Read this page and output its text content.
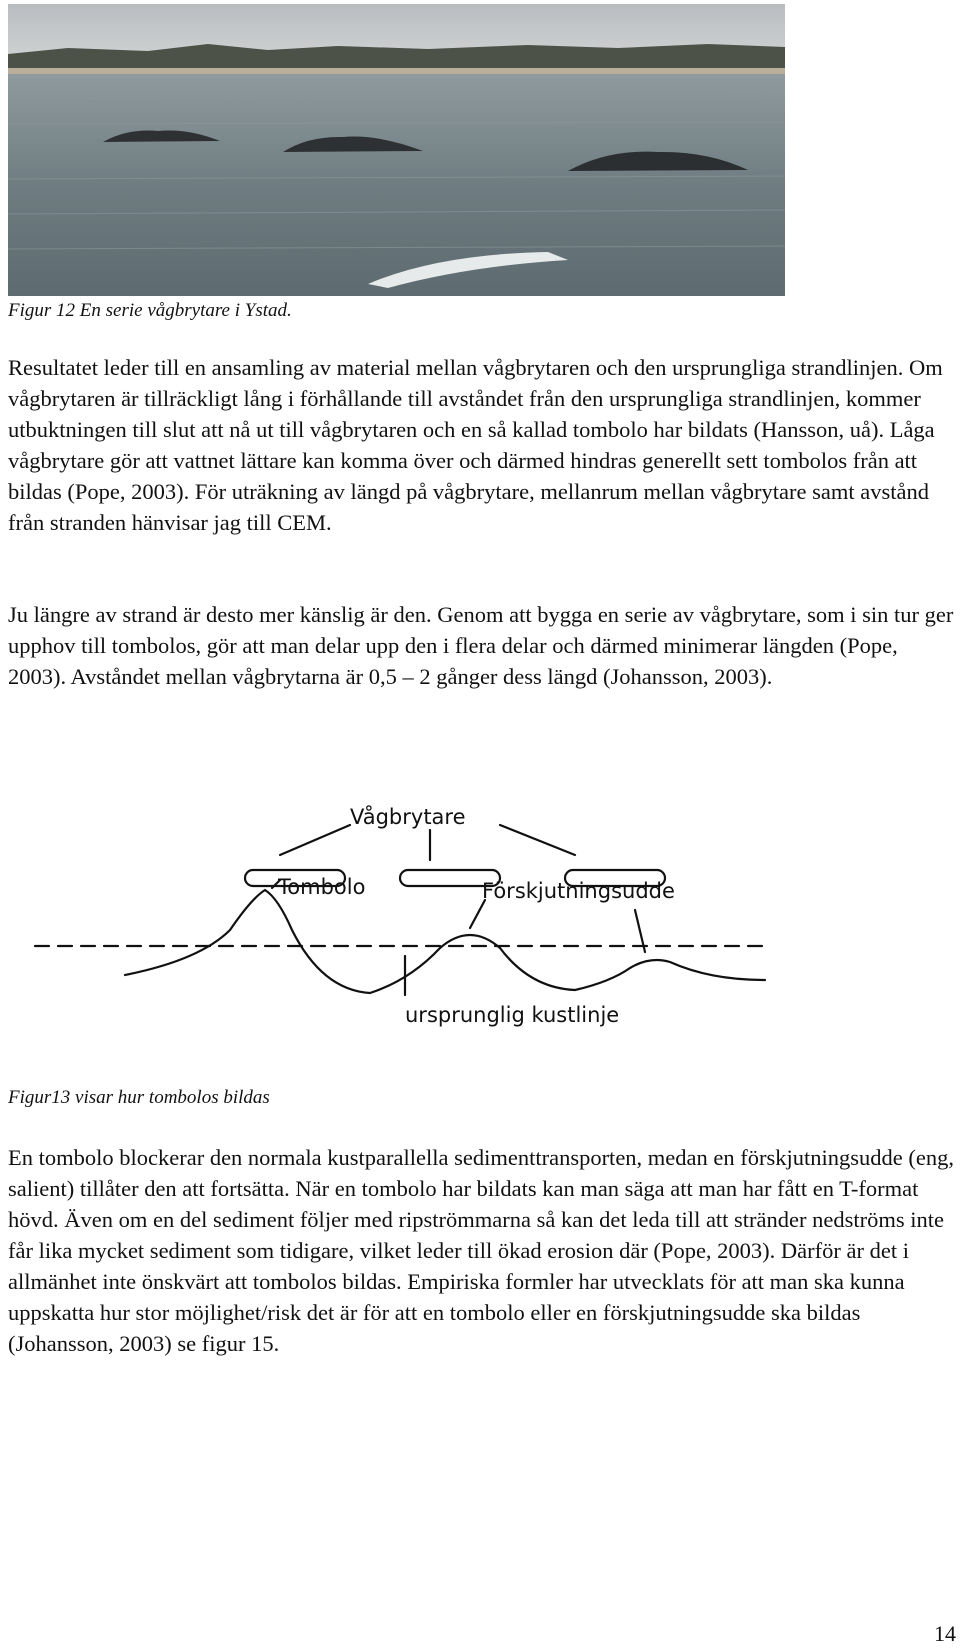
Figur 12 En serie vågbrytare i Ystad.

Resultatet leder till en ansamling av material mellan vågbrytaren och den ursprungliga strandlinjen. Om vågbrytaren är tillräckligt lång i förhållande till avståndet från den ursprungliga strandlinjen, kommer utbuktningen till slut att nå ut till vågbrytaren och en så kallad tombolo har bildats (Hansson, uå). Låga vågbrytare gör att vattnet lättare kan komma över och därmed hindras generellt sett tombolos från att bildas (Pope, 2003). För uträkning av längd på vågbrytare, mellanrum mellan vågbrytare samt avstånd från stranden hänvisar jag till CEM.

Ju längre av strand är desto mer känslig är den. Genom att bygga en serie av vågbrytare, som i sin tur ger upphov till tombolos, gör att man delar upp den i flera delar och därmed minimerar längden (Pope, 2003). Avståndet mellan vågbrytarna är 0,5 – 2 gånger dess längd (Johansson, 2003).

Vågbrytare
Tombolo	Förskjutningsudde
ursprunglig kustlinje

Figur13 visar hur tombolos bildas

En tombolo blockerar den normala kustparallella sedimenttransporten, medan en förskjutningsudde (eng, salient) tillåter den att fortsätta. När en tombolo har bildats kan man säga att man har fått en T-format hövd. Även om en del sediment följer med ripströmmarna så kan det leda till att stränder nedströms inte får lika mycket sediment som tidigare, vilket leder till ökad erosion där (Pope, 2003). Därför är det i allmänhet inte önskvärt att tombolos bildas. Empiriska formler har utvecklats för att man ska kunna uppskatta hur stor möjlighet/risk det är för att en tombolo eller en förskjutningsudde ska bildas (Johansson, 2003) se figur 15.

14
